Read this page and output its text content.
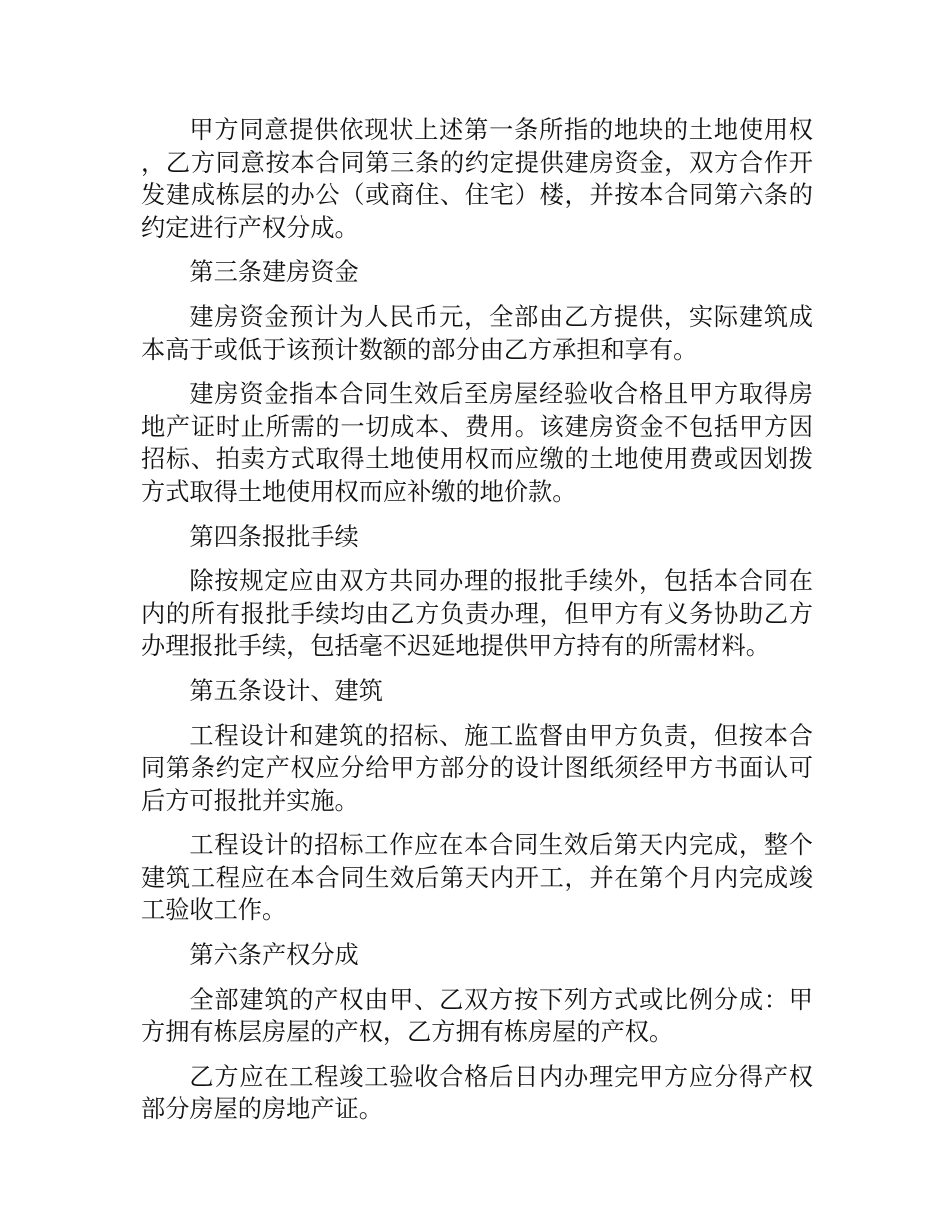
甲方同意提供依现状上述第一条所指的地块的土地使用权，乙方同意按本合同第三条的约定提供建房资金，双方合作开发建成栋层的办公（或商住、住宅）楼，并按本合同第六条的约定进行产权分成。

第三条建房资金

建房资金预计为人民币元，全部由乙方提供，实际建筑成本高于或低于该预计数额的部分由乙方承担和享有。

建房资金指本合同生效后至房屋经验收合格且甲方取得房地产证时止所需的一切成本、费用。该建房资金不包括甲方因招标、拍卖方式取得土地使用权而应缴的土地使用费或因划拨方式取得土地使用权而应补缴的地价款。

第四条报批手续

除按规定应由双方共同办理的报批手续外，包括本合同在内的所有报批手续均由乙方负责办理，但甲方有义务协助乙方办理报批手续，包括毫不迟延地提供甲方持有的所需材料。

第五条设计、建筑

工程设计和建筑的招标、施工监督由甲方负责，但按本合同第条约定产权应分给甲方部分的设计图纸须经甲方书面认可后方可报批并实施。

工程设计的招标工作应在本合同生效后第天内完成，整个建筑工程应在本合同生效后第天内开工，并在第个月内完成竣工验收工作。

第六条产权分成

全部建筑的产权由甲、乙双方按下列方式或比例分成：甲方拥有栋层房屋的产权，乙方拥有栋房屋的产权。

乙方应在工程竣工验收合格后日内办理完甲方应分得产权部分房屋的房地产证。
